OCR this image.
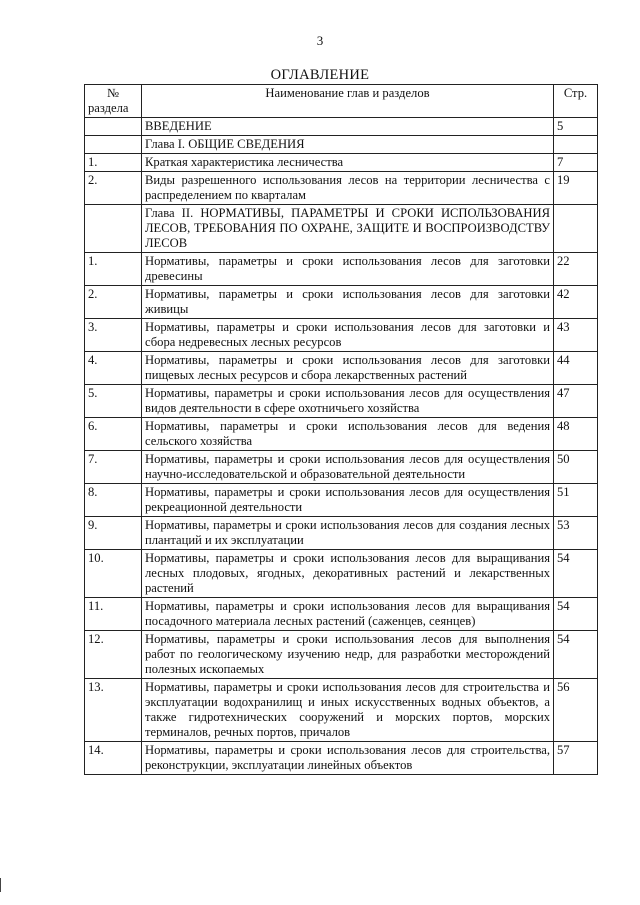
3
ОГЛАВЛЕНИЕ
№
раздела	Наименование глав и разделов	Стр.
	ВВЕДЕНИЕ	5
	Глава I. ОБЩИЕ СВЕДЕНИЯ	
1.	Краткая характеристика лесничества	7
2.	Виды разрешенного использования лесов на территории лесничества с распределением по кварталам	19
	Глава II. НОРМАТИВЫ, ПАРАМЕТРЫ И СРОКИ ИСПОЛЬЗОВАНИЯ ЛЕСОВ, ТРЕБОВАНИЯ ПО ОХРАНЕ, ЗАЩИТЕ И ВОСПРОИЗВОДСТВУ ЛЕСОВ	
1.	Нормативы, параметры и сроки использования лесов для заготовки древесины	22
2.	Нормативы, параметры и сроки использования лесов для заготовки живицы	42
3.	Нормативы, параметры и сроки использования лесов для заготовки и сбора недревесных лесных ресурсов	43
4.	Нормативы, параметры и сроки использования лесов для заготовки пищевых лесных ресурсов и сбора лекарственных растений	44
5.	Нормативы, параметры и сроки использования лесов для осуществления видов деятельности в сфере охотничьего хозяйства	47
6.	Нормативы, параметры и сроки использования лесов для ведения сельского хозяйства	48
7.	Нормативы, параметры и сроки использования лесов для осуществления научно-исследовательской и образовательной деятельности	50
8.	Нормативы, параметры и сроки использования лесов для осуществления рекреационной деятельности	51
9.	Нормативы, параметры и сроки использования лесов для создания лесных плантаций и их эксплуатации	53
10.	Нормативы, параметры и сроки использования лесов для выращивания лесных плодовых, ягодных, декоративных растений и лекарственных растений	54
11.	Нормативы, параметры и сроки использования лесов для выращивания посадочного материала лесных растений (саженцев, сеянцев)	54
12.	Нормативы, параметры и сроки использования лесов для выполнения работ по геологическому изучению недр, для разработки месторождений полезных ископаемых	54
13.	Нормативы, параметры и сроки использования лесов для строительства и эксплуатации водохранилищ и иных искусственных водных объектов, а также гидротехнических сооружений и морских портов, морских терминалов, речных портов, причалов	56
14.	Нормативы, параметры и сроки использования лесов для строительства, реконструкции, эксплуатации линейных объектов	57
